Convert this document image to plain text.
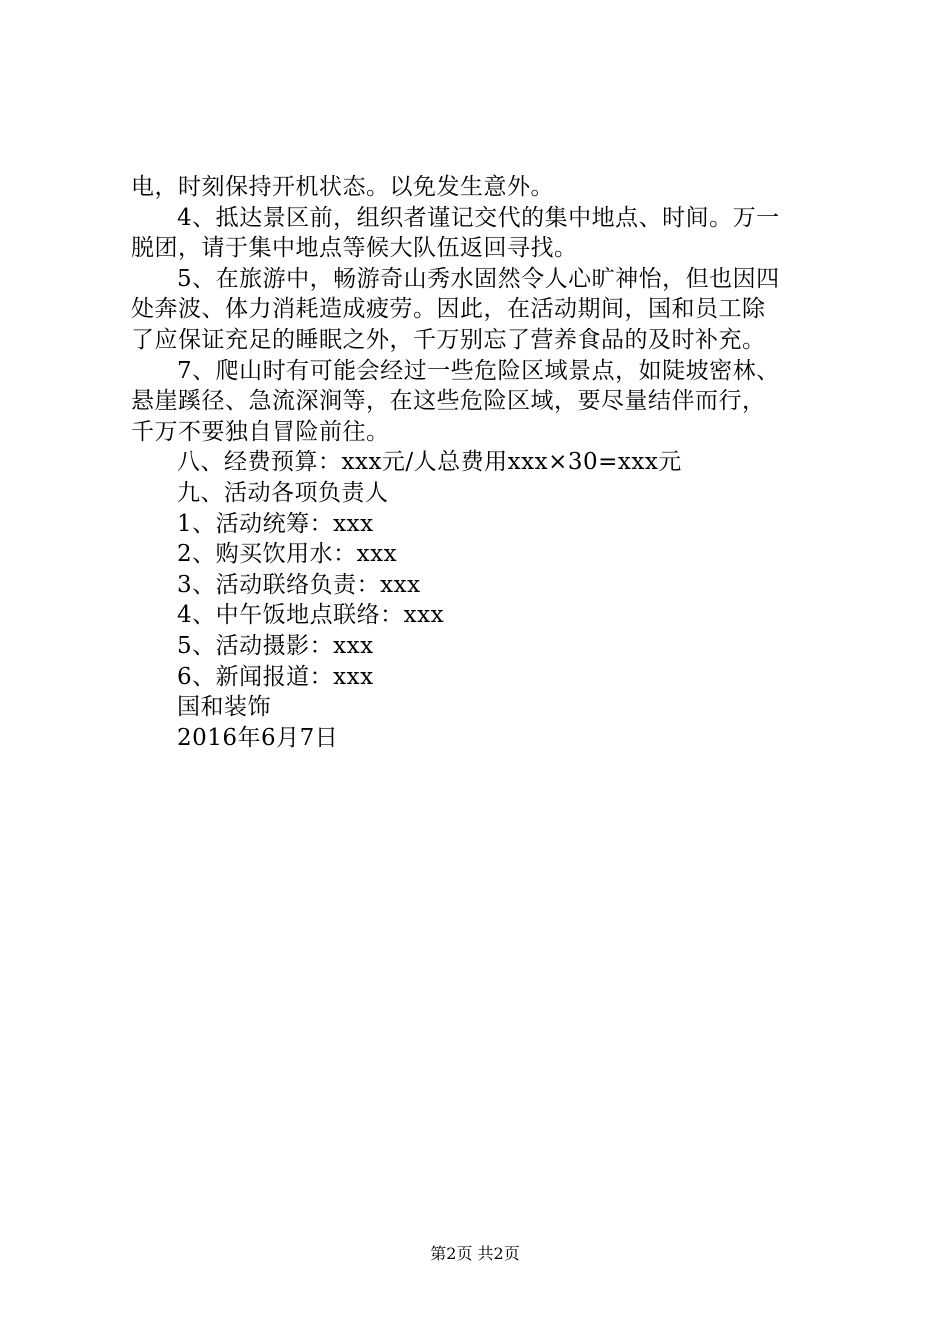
电，时刻保持开机状态。以免发生意外。
4、抵达景区前，组织者谨记交代的集中地点、时间。万一
脱团，请于集中地点等候大队伍返回寻找。
5、在旅游中，畅游奇山秀水固然令人心旷神怡，但也因四
处奔波、体力消耗造成疲劳。因此，在活动期间，国和员工除
了应保证充足的睡眠之外，千万别忘了营养食品的及时补充。
7、爬山时有可能会经过一些危险区域景点，如陡坡密林、
悬崖蹊径、急流深涧等，在这些危险区域，要尽量结伴而行，
千万不要独自冒险前往。
八、经费预算：xxx元/人总费用xxx×30=xxx元
九、活动各项负责人
1、活动统筹：xxx
2、购买饮用水：xxx
3、活动联络负责：xxx
4、中午饭地点联络：xxx
5、活动摄影：xxx
6、新闻报道：xxx
国和装饰
2016年6月7日
第2页 共2页
